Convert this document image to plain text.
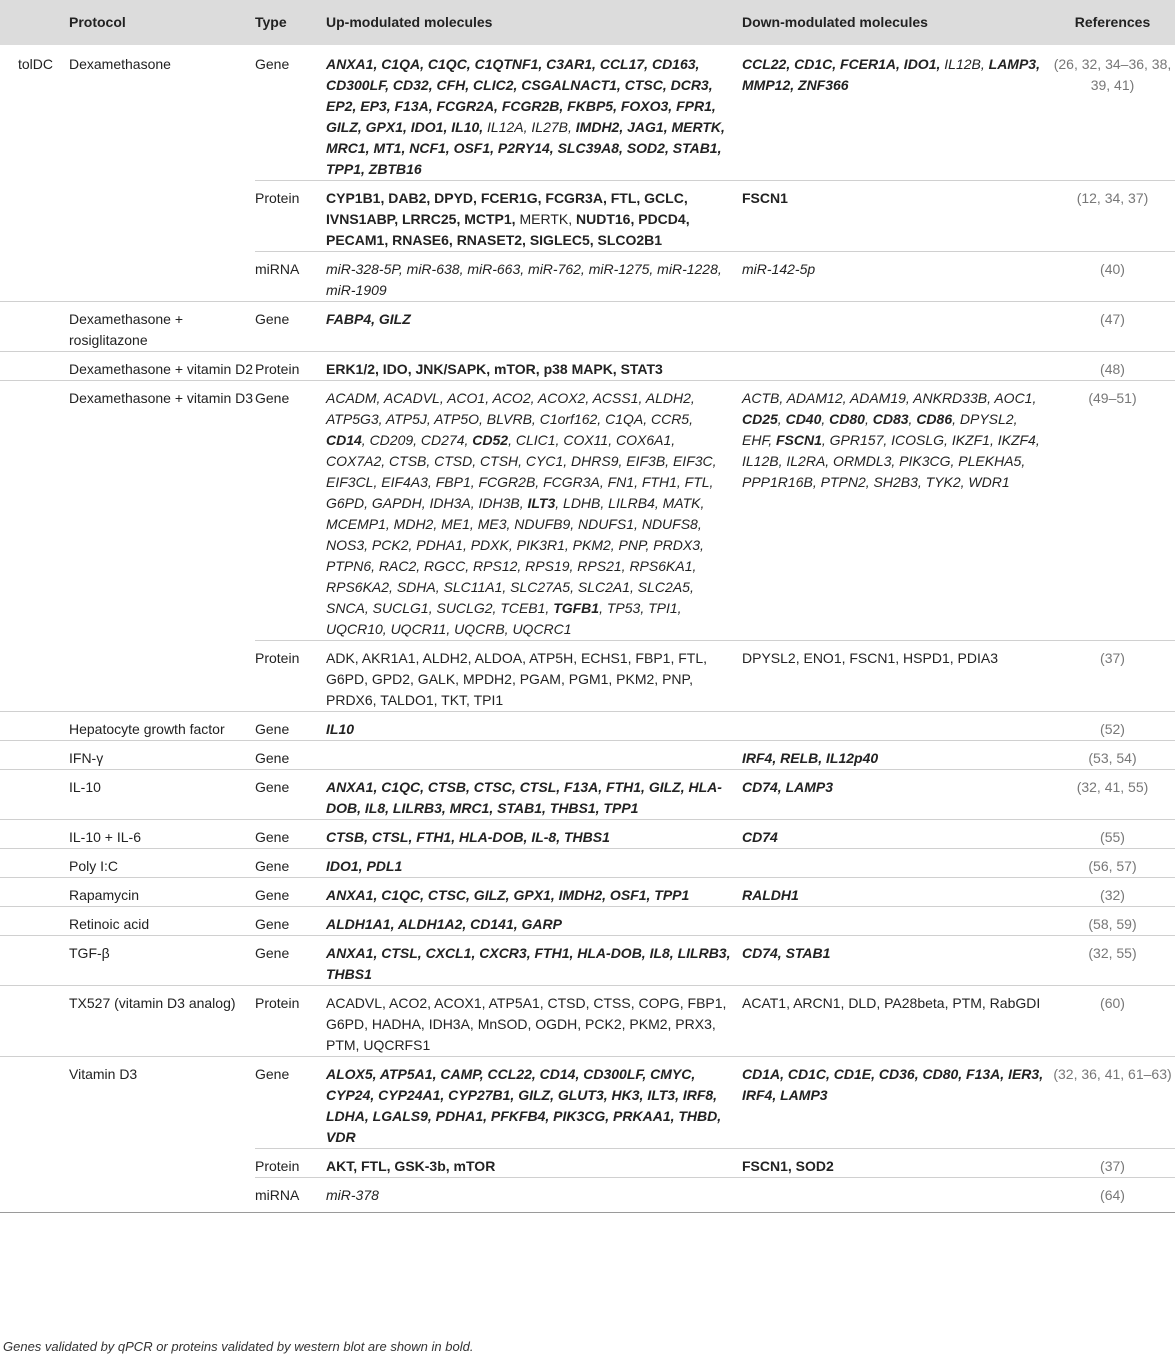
	Protocol	Type	Up-modulated molecules	Down-modulated molecules	References
tolDC	Dexamethasone	Gene	ANXA1, C1QA, C1QC, C1QTNF1, C3AR1, CCL17, CD163, CD300LF, CD32, CFH, CLIC2, CSGALNACT1, CTSC, DCR3, EP2, EP3, F13A, FCGR2A, FCGR2B, FKBP5, FOXO3, FPR1, GILZ, GPX1, IDO1, IL10, IL12A, IL27B, IMDH2, JAG1, MERTK, MRC1, MT1, NCF1, OSF1, P2RY14, SLC39A8, SOD2, STAB1, TPP1, ZBTB16	CCL22, CD1C, FCER1A, IDO1, IL12B, LAMP3, MMP12, ZNF366	(26, 32, 34–36, 38, 39, 41)
		Protein	CYP1B1, DAB2, DPYD, FCER1G, FCGR3A, FTL, GCLC, IVNS1ABP, LRRC25, MCTP1, MERTK, NUDT16, PDCD4, PECAM1, RNASE6, RNASET2, SIGLEC5, SLCO2B1	FSCN1	(12, 34, 37)
		miRNA	miR-328-5P, miR-638, miR-663, miR-762, miR-1275, miR-1228, miR-1909	miR-142-5p	(40)
	Dexamethasone + rosiglitazone	Gene	FABP4, GILZ		(47)
	Dexamethasone + vitamin D2	Protein	ERK1/2, IDO, JNK/SAPK, mTOR, p38 MAPK, STAT3		(48)
	Dexamethasone + vitamin D3	Gene	ACADM, ACADVL, ACO1, ACO2, ACOX2, ACSS1, ALDH2, ATP5G3, ATP5J, ATP5O, BLVRB, C1orf162, C1QA, CCR5, CD14, CD209, CD274, CD52, CLIC1, COX11, COX6A1, COX7A2, CTSB, CTSD, CTSH, CYC1, DHRS9, EIF3B, EIF3C, EIF3CL, EIF4A3, FBP1, FCGR2B, FCGR3A, FN1, FTH1, FTL, G6PD, GAPDH, IDH3A, IDH3B, ILT3, LDHB, LILRB4, MATK, MCEMP1, MDH2, ME1, ME3, NDUFB9, NDUFS1, NDUFS8, NOS3, PCK2, PDHA1, PDXK, PIK3R1, PKM2, PNP, PRDX3, PTPN6, RAC2, RGCC, RPS12, RPS19, RPS21, RPS6KA1, RPS6KA2, SDHA, SLC11A1, SLC27A5, SLC2A1, SLC2A5, SNCA, SUCLG1, SUCLG2, TCEB1, TGFB1, TP53, TPI1, UQCR10, UQCR11, UQCRB, UQCRC1	ACTB, ADAM12, ADAM19, ANKRD33B, AOC1, CD25, CD40, CD80, CD83, CD86, DPYSL2, EHF, FSCN1, GPR157, ICOSLG, IKZF1, IKZF4, IL12B, IL2RA, ORMDL3, PIK3CG, PLEKHA5, PPP1R16B, PTPN2, SH2B3, TYK2, WDR1	(49–51)
		Protein	ADK, AKR1A1, ALDH2, ALDOA, ATP5H, ECHS1, FBP1, FTL, G6PD, GPD2, GALK, MPDH2, PGAM, PGM1, PKM2, PNP, PRDX6, TALDO1, TKT, TPI1	DPYSL2, ENO1, FSCN1, HSPD1, PDIA3	(37)
	Hepatocyte growth factor	Gene	IL10		(52)
	IFN-γ	Gene		IRF4, RELB, IL12p40	(53, 54)
	IL-10	Gene	ANXA1, C1QC, CTSB, CTSC, CTSL, F13A, FTH1, GILZ, HLA-DOB, IL8, LILRB3, MRC1, STAB1, THBS1, TPP1	CD74, LAMP3	(32, 41, 55)
	IL-10 + IL-6	Gene	CTSB, CTSL, FTH1, HLA-DOB, IL-8, THBS1	CD74	(55)
	Poly I:C	Gene	IDO1, PDL1		(56, 57)
	Rapamycin	Gene	ANXA1, C1QC, CTSC, GILZ, GPX1, IMDH2, OSF1, TPP1	RALDH1	(32)
	Retinoic acid	Gene	ALDH1A1, ALDH1A2, CD141, GARP		(58, 59)
	TGF-β	Gene	ANXA1, CTSL, CXCL1, CXCR3, FTH1, HLA-DOB, IL8, LILRB3, THBS1	CD74, STAB1	(32, 55)
	TX527 (vitamin D3 analog)	Protein	ACADVL, ACO2, ACOX1, ATP5A1, CTSD, CTSS, COPG, FBP1, G6PD, HADHA, IDH3A, MnSOD, OGDH, PCK2, PKM2, PRX3, PTM, UQCRFS1	ACAT1, ARCN1, DLD, PA28beta, PTM, RabGDI	(60)
	Vitamin D3	Gene	ALOX5, ATP5A1, CAMP, CCL22, CD14, CD300LF, CMYC, CYP24, CYP24A1, CYP27B1, GILZ, GLUT3, HK3, ILT3, IRF8, LDHA, LGALS9, PDHA1, PFKFB4, PIK3CG, PRKAA1, THBD, VDR	CD1A, CD1C, CD1E, CD36, CD80, F13A, IER3, IRF4, LAMP3	(32, 36, 41, 61–63)
		Protein	AKT, FTL, GSK-3b, mTOR	FSCN1, SOD2	(37)
		miRNA	miR-378		(64)
Genes validated by qPCR or proteins validated by western blot are shown in bold.
